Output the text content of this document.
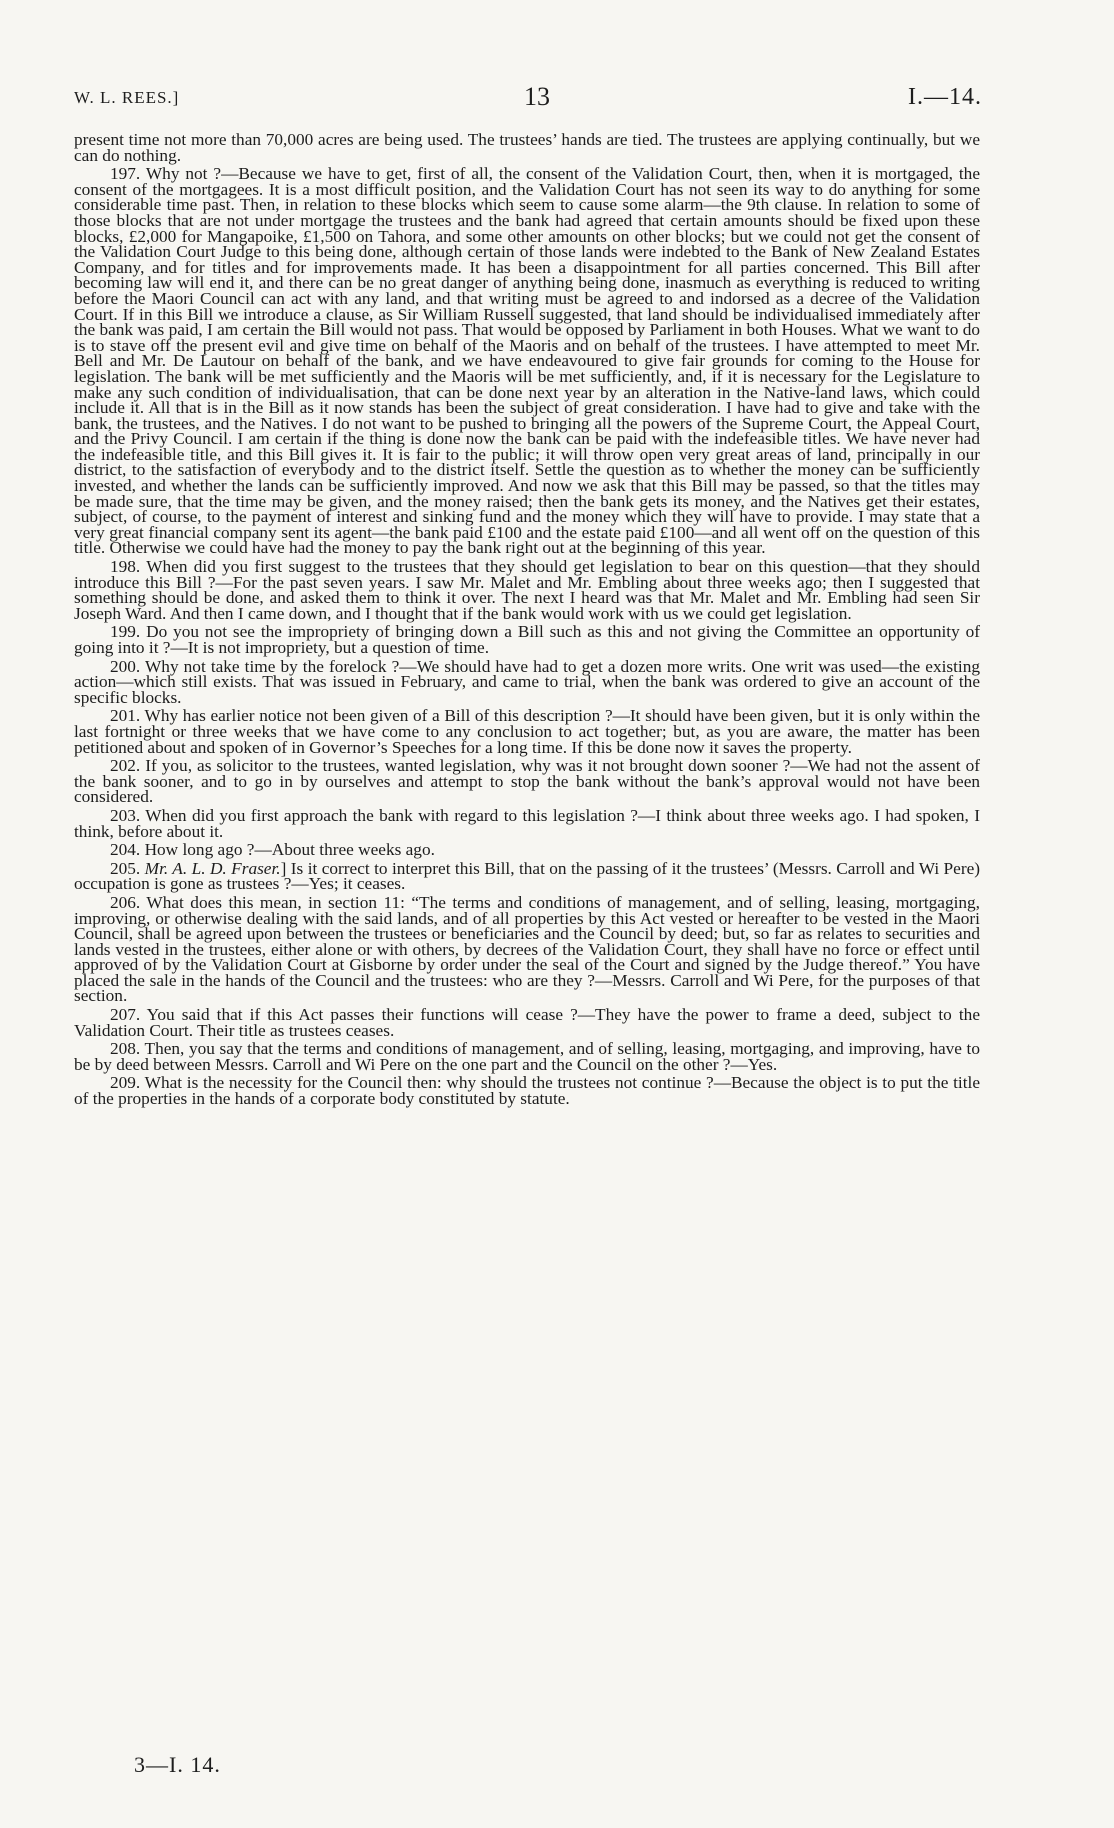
W. L. REES.]	13	I.—14.

present time not more than 70,000 acres are being used. The trustees’ hands are tied. The trustees are applying continually, but we can do nothing.

197. Why not ?—Because we have to get, first of all, the consent of the Validation Court, then, when it is mortgaged, the consent of the mortgagees. It is a most difficult position, and the Validation Court has not seen its way to do anything for some considerable time past. Then, in relation to these blocks which seem to cause some alarm—the 9th clause. In relation to some of those blocks that are not under mortgage the trustees and the bank had agreed that certain amounts should be fixed upon these blocks, £2,000 for Mangapoike, £1,500 on Tahora, and some other amounts on other blocks; but we could not get the consent of the Validation Court Judge to this being done, although certain of those lands were indebted to the Bank of New Zealand Estates Company, and for titles and for improvements made. It has been a disappointment for all parties concerned. This Bill after becoming law will end it, and there can be no great danger of anything being done, inasmuch as everything is reduced to writing before the Maori Council can act with any land, and that writing must be agreed to and indorsed as a decree of the Validation Court. If in this Bill we introduce a clause, as Sir William Russell suggested, that land should be individualised immediately after the bank was paid, I am certain the Bill would not pass. That would be opposed by Parliament in both Houses. What we want to do is to stave off the present evil and give time on behalf of the Maoris and on behalf of the trustees. I have attempted to meet Mr. Bell and Mr. De Lautour on behalf of the bank, and we have endeavoured to give fair grounds for coming to the House for legislation. The bank will be met sufficiently and the Maoris will be met sufficiently, and, if it is necessary for the Legislature to make any such condition of individualisation, that can be done next year by an alteration in the Native-land laws, which could include it. All that is in the Bill as it now stands has been the subject of great consideration. I have had to give and take with the bank, the trustees, and the Natives. I do not want to be pushed to bringing all the powers of the Supreme Court, the Appeal Court, and the Privy Council. I am certain if the thing is done now the bank can be paid with the indefeasible titles. We have never had the indefeasible title, and this Bill gives it. It is fair to the public; it will throw open very great areas of land, principally in our district, to the satisfaction of everybody and to the district itself. Settle the question as to whether the money can be sufficiently invested, and whether the lands can be sufficiently improved. And now we ask that this Bill may be passed, so that the titles may be made sure, that the time may be given, and the money raised; then the bank gets its money, and the Natives get their estates, subject, of course, to the payment of interest and sinking fund and the money which they will have to provide. I may state that a very great financial company sent its agent—the bank paid £100 and the estate paid £100—and all went off on the question of this title. Otherwise we could have had the money to pay the bank right out at the beginning of this year.

198. When did you first suggest to the trustees that they should get legislation to bear on this question—that they should introduce this Bill ?—For the past seven years. I saw Mr. Malet and Mr. Embling about three weeks ago; then I suggested that something should be done, and asked them to think it over. The next I heard was that Mr. Malet and Mr. Embling had seen Sir Joseph Ward. And then I came down, and I thought that if the bank would work with us we could get legislation.

199. Do you not see the impropriety of bringing down a Bill such as this and not giving the Committee an opportunity of going into it ?—It is not impropriety, but a question of time.

200. Why not take time by the forelock ?—We should have had to get a dozen more writs. One writ was used—the existing action—which still exists. That was issued in February, and came to trial, when the bank was ordered to give an account of the specific blocks.

201. Why has earlier notice not been given of a Bill of this description ?—It should have been given, but it is only within the last fortnight or three weeks that we have come to any conclusion to act together; but, as you are aware, the matter has been petitioned about and spoken of in Governor’s Speeches for a long time. If this be done now it saves the property.

202. If you, as solicitor to the trustees, wanted legislation, why was it not brought down sooner ?—We had not the assent of the bank sooner, and to go in by ourselves and attempt to stop the bank without the bank’s approval would not have been considered.

203. When did you first approach the bank with regard to this legislation ?—I think about three weeks ago. I had spoken, I think, before about it.

204. How long ago ?—About three weeks ago.

205. Mr. A. L. D. Fraser.] Is it correct to interpret this Bill, that on the passing of it the trustees’ (Messrs. Carroll and Wi Pere) occupation is gone as trustees ?—Yes; it ceases.

206. What does this mean, in section 11: “The terms and conditions of management, and of selling, leasing, mortgaging, improving, or otherwise dealing with the said lands, and of all properties by this Act vested or hereafter to be vested in the Maori Council, shall be agreed upon between the trustees or beneficiaries and the Council by deed; but, so far as relates to securities and lands vested in the trustees, either alone or with others, by decrees of the Validation Court, they shall have no force or effect until approved of by the Validation Court at Gisborne by order under the seal of the Court and signed by the Judge thereof.” You have placed the sale in the hands of the Council and the trustees: who are they ?—Messrs. Carroll and Wi Pere, for the purposes of that section.

207. You said that if this Act passes their functions will cease ?—They have the power to frame a deed, subject to the Validation Court. Their title as trustees ceases.

208. Then, you say that the terms and conditions of management, and of selling, leasing, mortgaging, and improving, have to be by deed between Messrs. Carroll and Wi Pere on the one part and the Council on the other ?—Yes.

209. What is the necessity for the Council then: why should the trustees not continue ?—Because the object is to put the title of the properties in the hands of a corporate body constituted by statute.

3—I. 14.
